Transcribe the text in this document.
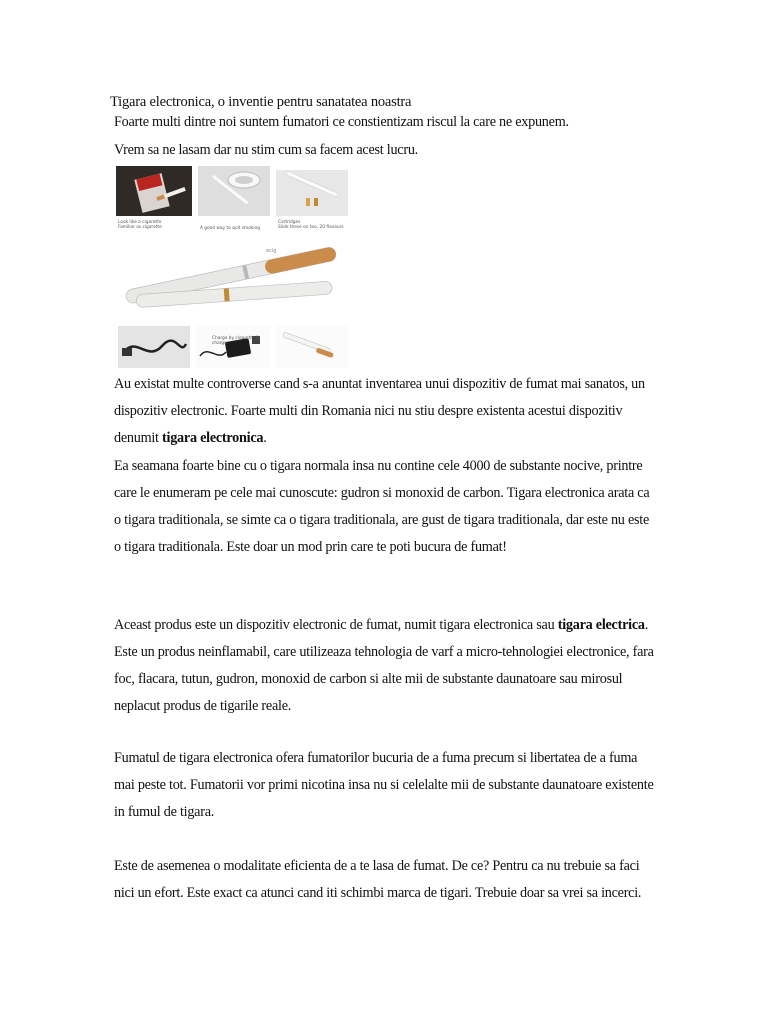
Tigara electronica, o inventie pentru sanatatea noastra
Foarte multi dintre noi suntem fumatori ce constientizam riscul la care ne expunem.
Vrem sa ne lasam dar nu stim cum sa facem acest lucru.
Look like a cigarette
Familiar as cigarette	A good way to quit smoking
Cartridges
Slide these on too, 20 flavours
ecig
Charge by cigarette lit charger
Au existat multe controverse cand s-a anuntat inventarea unui dispozitiv de fumat mai sanatos, un dispozitiv electronic. Foarte multi din Romania nici nu stiu despre existenta acestui dispozitiv denumit tigara electronica.
Ea seamana foarte bine cu o tigara normala insa nu contine cele 4000 de substante nocive, printre care le enumeram pe cele mai cunoscute: gudron si monoxid de carbon. Tigara electronica arata ca o tigara traditionala, se simte ca o tigara traditionala, are gust de tigara traditionala, dar este nu este o tigara traditionala. Este doar un mod prin care te poti bucura de fumat!
Aceast produs este un dispozitiv electronic de fumat, numit tigara electronica sau tigara electrica. Este un produs neinflamabil, care utilizeaza tehnologia de varf a micro-tehnologiei electronice, fara foc, flacara, tutun, gudron, monoxid de carbon si alte mii de substante daunatoare sau mirosul neplacut produs de tigarile reale.
Fumatul de tigara electronica ofera fumatorilor bucuria de a fuma precum si libertatea de a fuma mai peste tot. Fumatorii vor primi nicotina insa nu si celelalte mii de substante daunatoare existente in fumul de tigara.
Este de asemenea o modalitate eficienta de a te lasa de fumat. De ce? Pentru ca nu trebuie sa faci nici un efort. Este exact ca atunci cand iti schimbi marca de tigari. Trebuie doar sa vrei sa incerci.
